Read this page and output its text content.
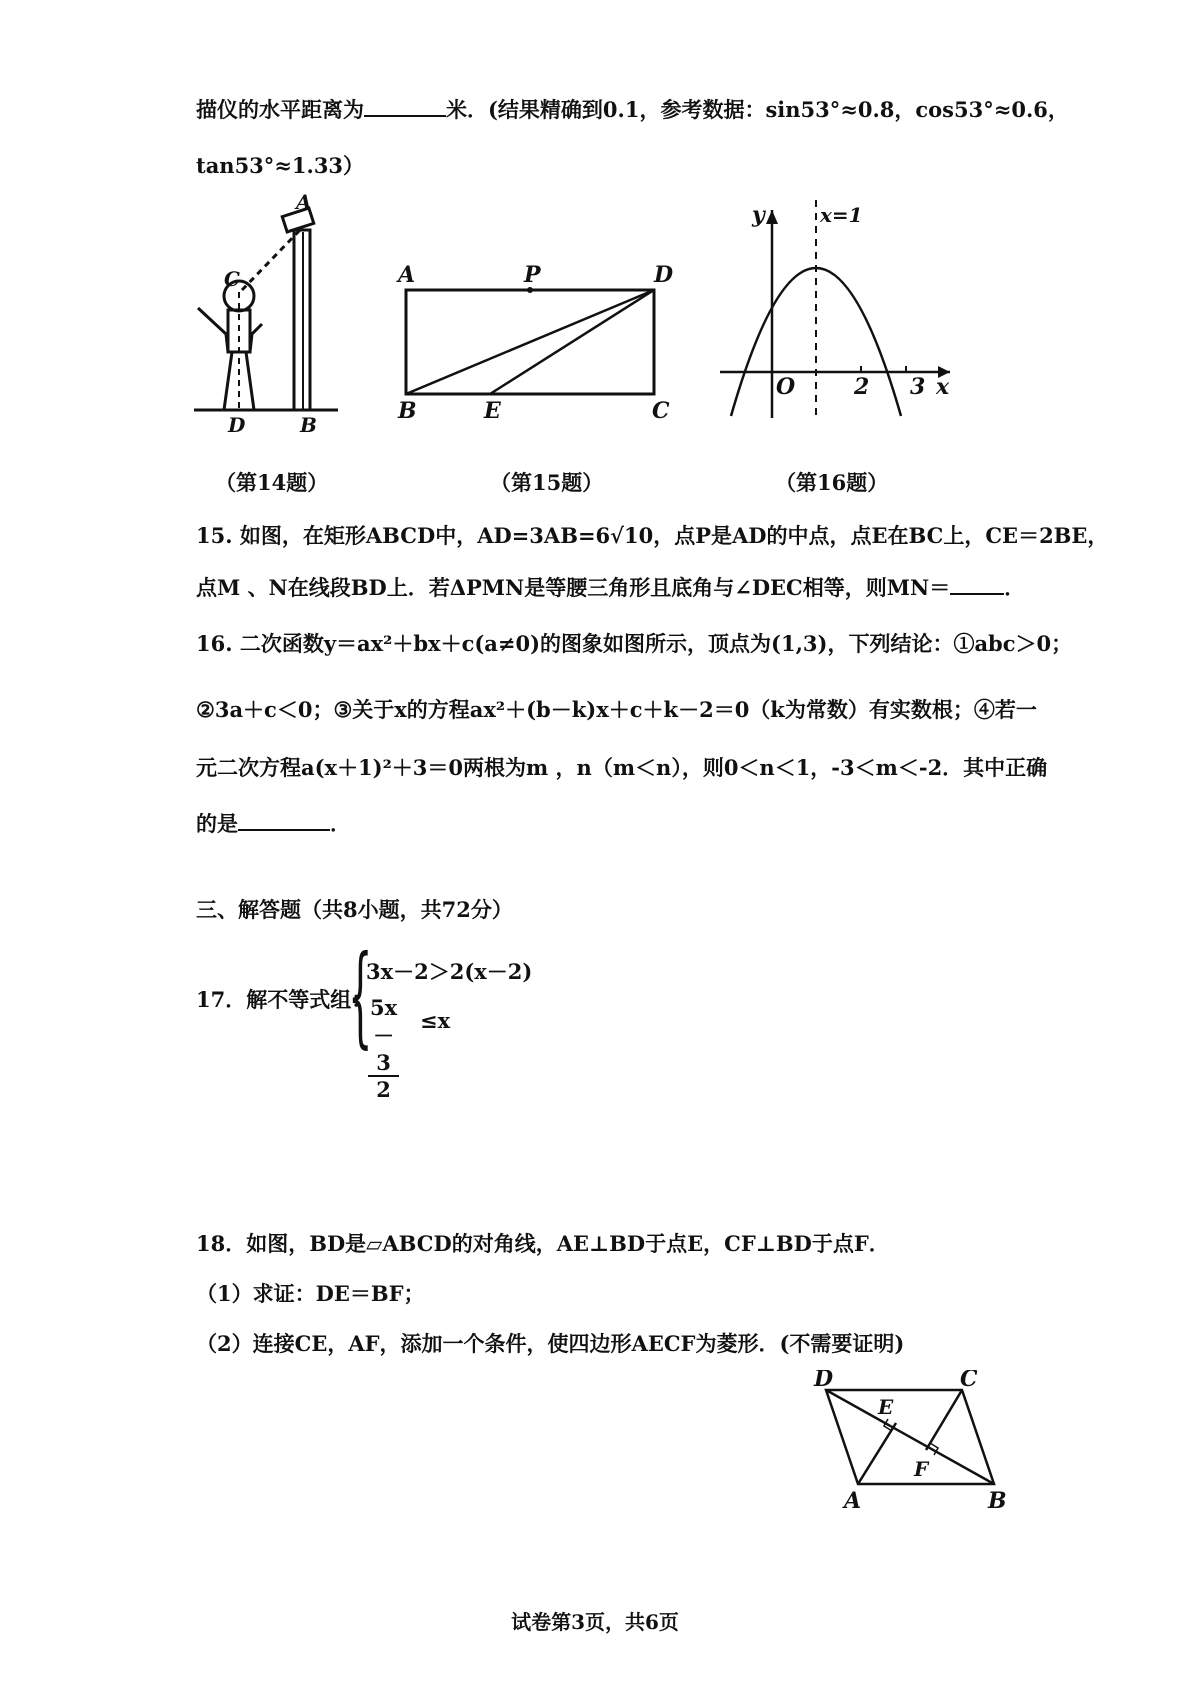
描仪的水平距离为	米．(结果精确到0.1，参考数据：sin53°≈0.8，cos53°≈0.6，
tan53°≈1.33）
A
C
D	B
A	P	D
B	E	C
y	x=1
O	2 3 x
（第14题）	（第15题）	（第16题）
15. 如图，在矩形ABCD中，AD=3AB=6√10，点P是AD的中点，点E在BC上，CE＝2BE，
点M 、N在线段BD上．若ΔPMN是等腰三角形且底角与∠DEC相等，则MN＝	．
16. 二次函数y＝ax²＋bx＋c(a≠0)的图象如图所示，顶点为(1,3)，下列结论：①abc＞0；
②3a＋c＜0；③关于x的方程ax²＋(b－k)x＋c＋k－2＝0（k为常数）有实数根；④若一
元二次方程a(x＋1)²＋3＝0两根为m ，n（m＜n），则0＜n＜1，-3＜m＜-2．其中正确
的是	．
三、解答题（共8小题，共72分）
17．解不等式组：
{
3x－2＞2(x－2)
$\frac{5x-3}{2} \le x$
18．如图，BD是▱ABCD的对角线，AE⊥BD于点E，CF⊥BD于点F．
（1）求证：DE＝BF；
（2）连接CE，AF，添加一个条件，使四边形AECF为菱形．(不需要证明)
D	C
E
F
A	B
试卷第3页，共6页
